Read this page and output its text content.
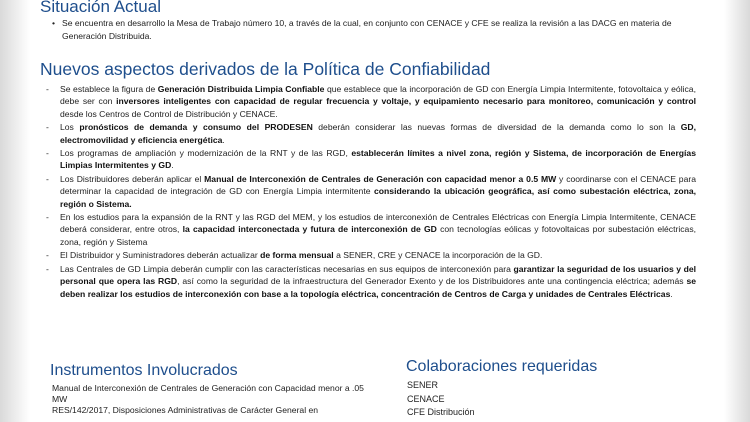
Situación Actual
• Se encuentra en desarrollo la Mesa de Trabajo número 10, a través de la cual, en conjunto con CENACE y CFE se realiza la revisión a las DACG en materia de Generación Distribuida.
Nuevos aspectos derivados de la Política de Confiabilidad
- Se establece la figura de Generación Distribuida Limpia Confiable que establece que la incorporación de GD con Energía Limpia Intermitente, fotovoltaica y eólica, debe ser con inversores inteligentes con capacidad de regular frecuencia y voltaje, y equipamiento necesario para monitoreo, comunicación y control desde los Centros de Control de Distribución y CENACE.
- Los pronósticos de demanda y consumo del PRODESEN deberán considerar las nuevas formas de diversidad de la demanda como lo son la GD, electromovilidad y eficiencia energética.
- Los programas de ampliación y modernización de la RNT y de las RGD, establecerán límites a nivel zona, región y Sistema, de incorporación de Energías Limpias Intermitentes y GD.
- Los Distribuidores deberán aplicar el Manual de Interconexión de Centrales de Generación con capacidad menor a 0.5 MW y coordinarse con el CENACE para determinar la capacidad de integración de GD con Energía Limpia intermitente considerando la ubicación geográfica, así como subestación eléctrica, zona, región o Sistema.
- En los estudios para la expansión de la RNT y las RGD del MEM, y los estudios de interconexión de Centrales Eléctricas con Energía Limpia Intermitente, CENACE deberá considerar, entre otros, la capacidad interconectada y futura de interconexión de GD con tecnologías eólicas y fotovoltaicas por subestación eléctricas, zona, región y Sistema
- El Distribuidor y Suministradores deberán actualizar de forma mensual a SENER, CRE y CENACE la incorporación de la GD.
- Las Centrales de GD Limpia deberán cumplir con las características necesarias en sus equipos de interconexión para garantizar la seguridad de los usuarios y del personal que opera las RGD, así como la seguridad de la infraestructura del Generador Exento y de los Distribuidores ante una contingencia eléctrica; además se deben realizar los estudios de interconexión con base a la topología eléctrica, concentración de Centros de Carga y unidades de Centrales Eléctricas.
Instrumentos Involucrados
Manual de Interconexión de Centrales de Generación con Capacidad menor a .05 MW
RES/142/2017, Disposiciones Administrativas de Carácter General en
Colaboraciones requeridas
SENER
CENACE
CFE Distribución
